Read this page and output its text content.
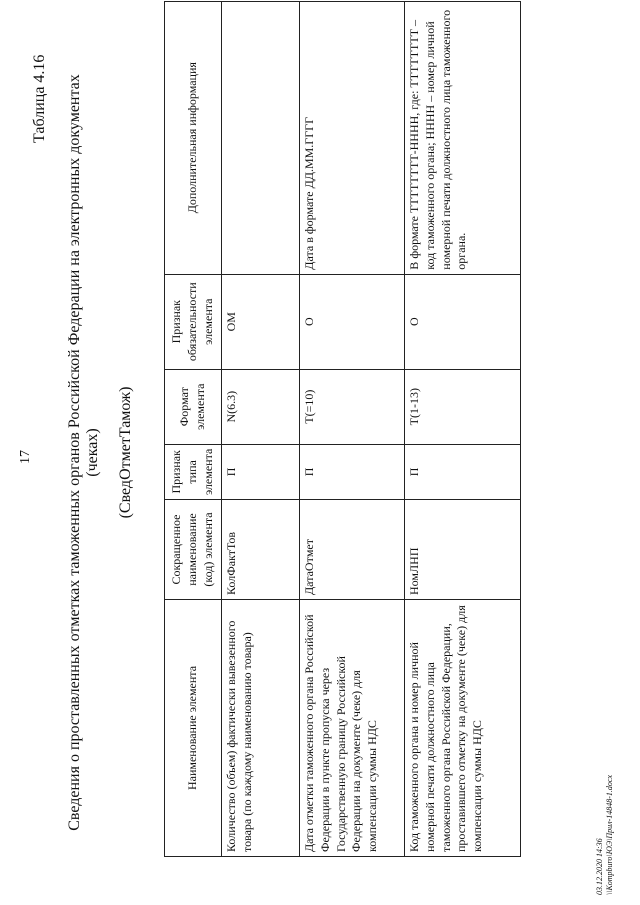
17
Таблица 4.16 Сведения о проставленных отметках таможенных органов Российской Федерации на электронных документах (чеках) (СведОтметТамож)
Наименование элемента	Сокращенное наименование (код) элемента	Признак типа элемента	Формат элемента	Признак обязательности элемента	Дополнительная информация
Количество (объем) фактически вывезенного товара (по каждому наименованию товара)	КолФактТов	П	N(6.3)	ОМ	
Дата отметки таможенного органа Российской Федерации в пункте пропуска через Государственную границу Российской Федерации на документе (чеке) для компенсации суммы НДС	ДатаОтмет	П	T(=10)	О	Дата в формате ДД.ММ.ГГГГ
Код таможенного органа и номер личной номерной печати должностного лица таможенного органа Российской Федерации, проставившего отметку на документе (чеке) для компенсации суммы НДС	НомЛНП	П	T(1-13)	О	В формате ТТТТТТТТ-НННН, где: ТТТТТТТТ – код таможенного органа; НННН – номер личной номерной печати должностного лица таможенного органа.
03.12.2020 14:36 \\Kompburo\ЮЭ\Прил-14848-1.docx
